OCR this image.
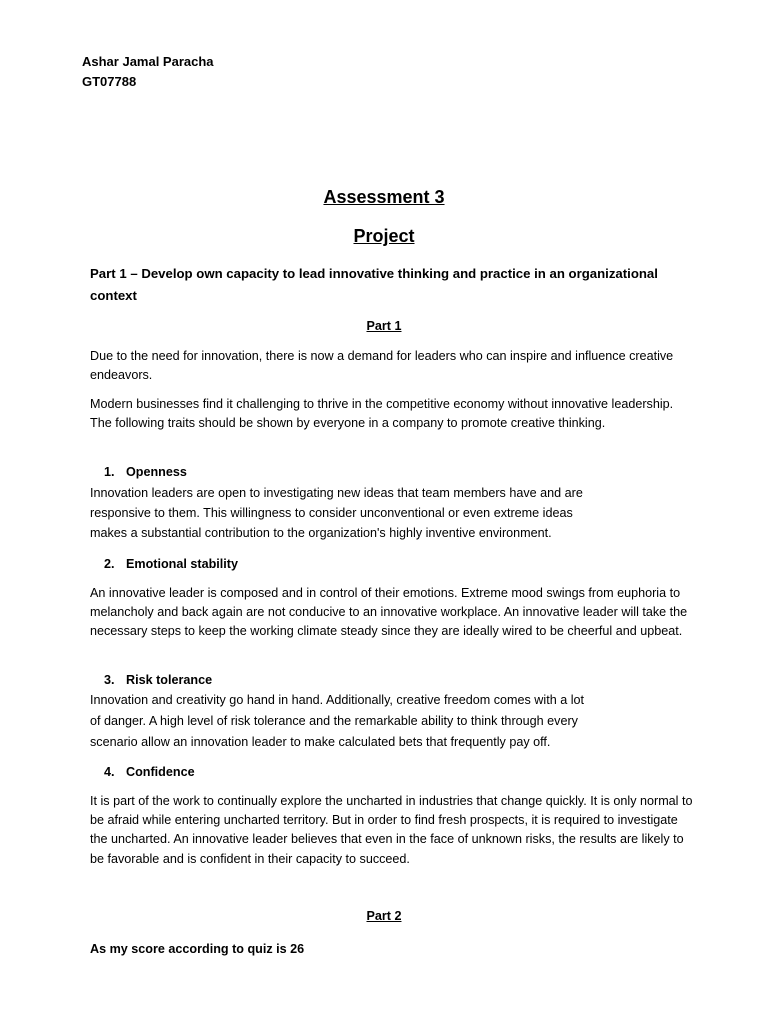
Ashar Jamal Paracha
GT07788
Assessment 3
Project
Part 1 – Develop own capacity to lead innovative thinking and practice in an organizational context
Part 1

Due to the need for innovation, there is now a demand for leaders who can inspire and influence creative endeavors.

Modern businesses find it challenging to thrive in the competitive economy without innovative leadership. The following traits should be shown by everyone in a company to promote creative thinking.

1. Openness
Innovation leaders are open to investigating new ideas that team members have and are
responsive to them. This willingness to consider unconventional or even extreme ideas
makes a substantial contribution to the organization's highly inventive environment.
2. Emotional stability

An innovative leader is composed and in control of their emotions. Extreme mood swings from euphoria to melancholy and back again are not conducive to an innovative workplace. An innovative leader will take the necessary steps to keep the working climate steady since they are ideally wired to be cheerful and upbeat.

3. Risk tolerance
Innovation and creativity go hand in hand. Additionally, creative freedom comes with a lot
of danger. A high level of risk tolerance and the remarkable ability to think through every
scenario allow an innovation leader to make calculated bets that frequently pay off.
4. Confidence

It is part of the work to continually explore the uncharted in industries that change quickly. It is only normal to be afraid while entering uncharted territory. But in order to find fresh prospects, it is required to investigate the uncharted. An innovative leader believes that even in the face of unknown risks, the results are likely to be favorable and is confident in their capacity to succeed.

Part 2
As my score according to quiz is 26
